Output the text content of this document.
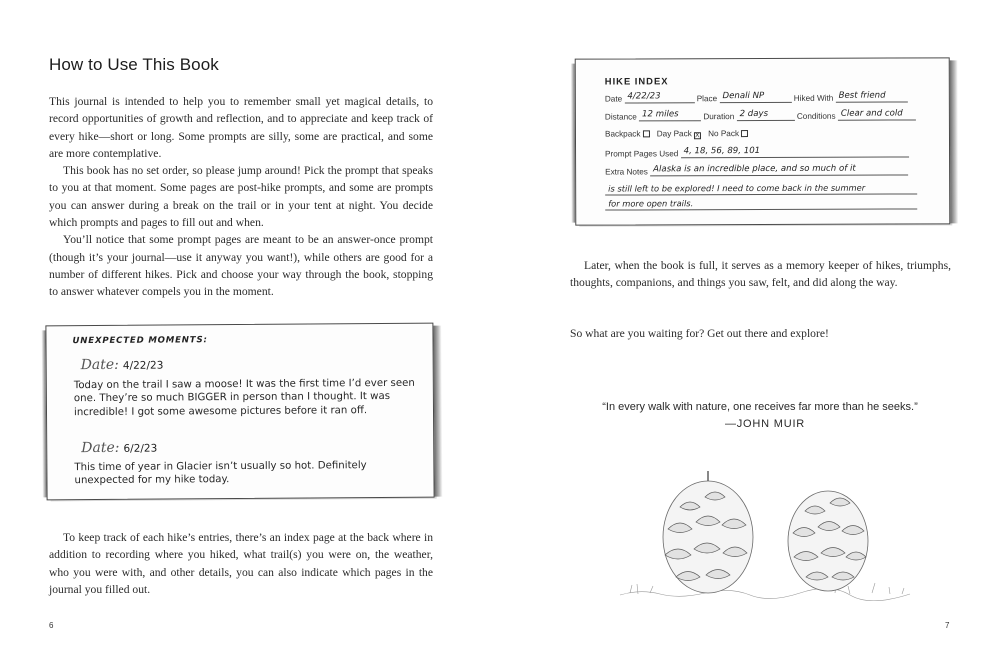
How to Use This Book

This journal is intended to help you to remember small yet magical details, to record opportunities of growth and reflection, and to appreciate and keep track of every hike—short or long. Some prompts are silly, some are practical, and some are more contemplative.

This book has no set order, so please jump around! Pick the prompt that speaks to you at that moment. Some pages are post-hike prompts, and some are prompts you can answer during a break on the trail or in your tent at night. You decide which prompts and pages to fill out and when.

You’ll notice that some prompt pages are meant to be an answer-once prompt (though it’s your journal—use it anyway you want!), while others are good for a number of different hikes. Pick and choose your way through the book, stopping to answer whatever compels you in the moment.

UNEXPECTED MOMENTS:
Date: 4/22/23
Today on the trail I saw a moose! It was the first time I’d ever seen one. They’re so much BIGGER in person than I thought. It was incredible! I got some awesome pictures before it ran off.
Date: 6/2/23
This time of year in Glacier isn’t usually so hot. Definitely unexpected for my hike today.

To keep track of each hike’s entries, there’s an index page at the back where in addition to recording where you hiked, what trail(s) you were on, the weather, who you were with, and other details, you can also indicate which pages in the journal you filled out.

6
HIKE INDEX
Date 4/22/23	Place Denali NP	Hiked With Best friend
Distance 12 miles	Duration 2 days	Conditions Clear and cold
Backpack Day Pack X No Pack
Prompt Pages Used 4, 18, 56, 89, 101
Extra Notes Alaska is an incredible place, and so much of it
is still left to be explored! I need to come back in the summer
for more open trails.

Later, when the book is full, it serves as a memory keeper of hikes, triumphs, thoughts, companions, and things you saw, felt, and did along the way.

So what are you waiting for? Get out there and explore!

“In every walk with nature, one receives far more than he seeks.”
—JOHN MUIR
7
